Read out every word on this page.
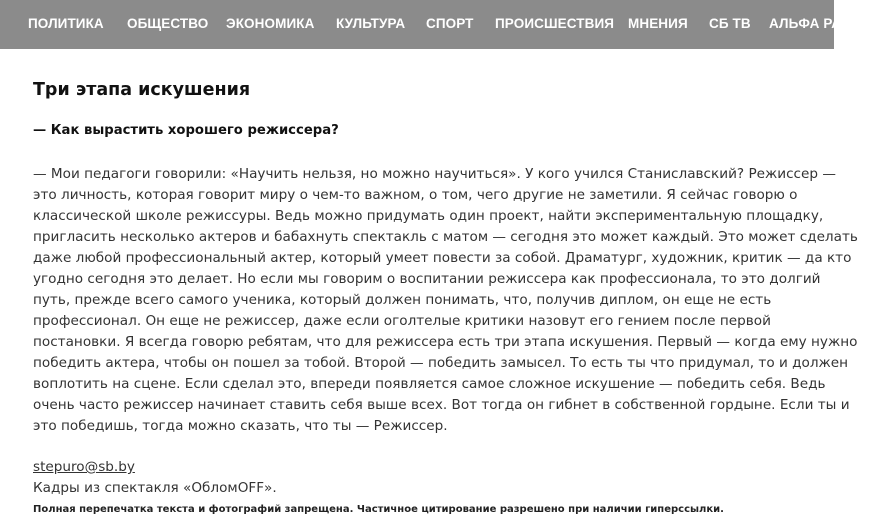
ПОЛИТИКА ОБЩЕСТВО ЭКОНОМИКА КУЛЬТУРА СПОРТ ПРОИСШЕСТВИЯ МНЕНИЯ СБ ТВ АЛЬФА РАДИО
Три этапа искушения

— Как вырастить хорошего режиссера?

— Мои педагоги говорили: «Научить нельзя, но можно научиться». У кого учился Станиславский? Режиссер —
это личность, которая говорит миру о чем-то важном, о том, чего другие не заметили. Я сейчас говорю о
классической школе режиссуры. Ведь можно придумать один проект, найти экспериментальную площадку,
пригласить несколько актеров и бабахнуть спектакль с матом — сегодня это может каждый. Это может сделать
даже любой профессиональный актер, который умеет повести за собой. Драматург, художник, критик — да кто
угодно сегодня это делает. Но если мы говорим о воспитании режиссера как профессионала, то это долгий
путь, прежде всего самого ученика, который должен понимать, что, получив диплом, он еще не есть
профессионал. Он еще не режиссер, даже если оголтелые критики назовут его гением после первой
постановки. Я всегда говорю ребятам, что для режиссера есть три этапа искушения. Первый — когда ему нужно
победить актера, чтобы он пошел за тобой. Второй — победить замысел. То есть ты что придумал, то и должен
воплотить на сцене. Если сделал это, впереди появляется самое сложное искушение — победить себя. Ведь
очень часто режиссер начинает ставить себя выше всех. Вот тогда он гибнет в собственной гордыне. Если ты и
это победишь, тогда можно сказать, что ты — Режиссер.

stepuro@sb.by
Кадры из спектакля «ОбломOFF».
Полная перепечатка текста и фотографий запрещена. Частичное цитирование разрешено при наличии гиперссылки.
